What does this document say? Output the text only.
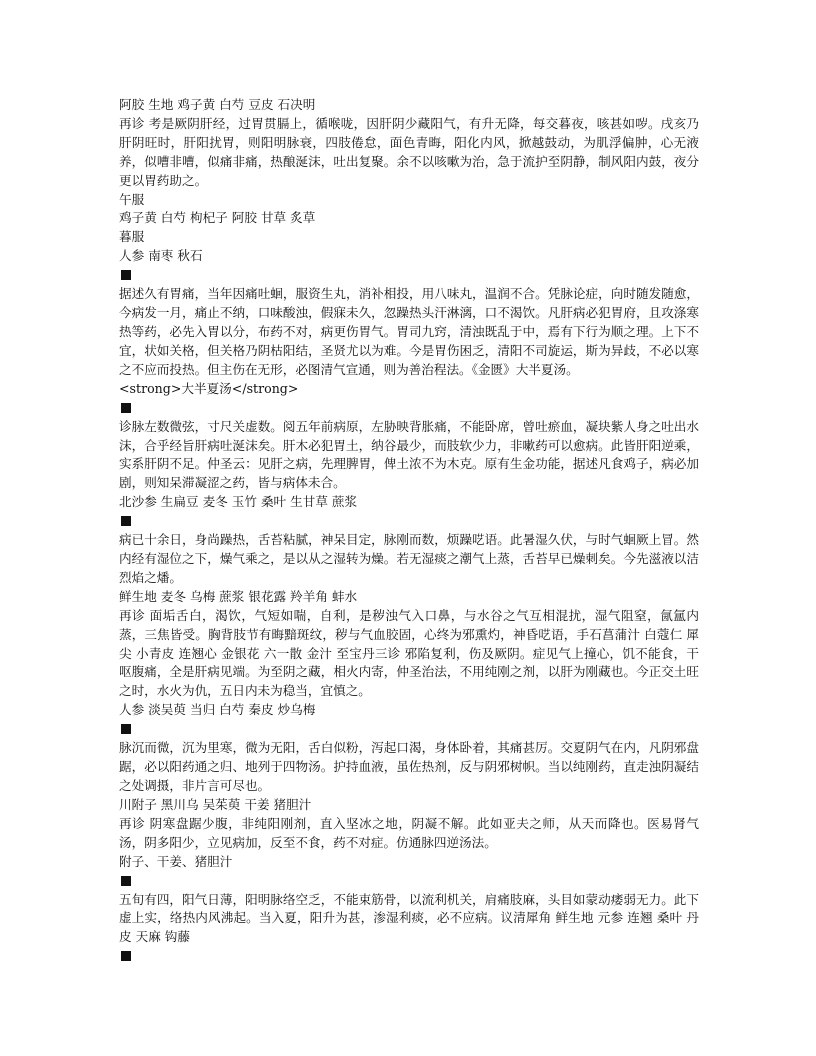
阿胶 生地 鸡子黄 白芍 豆皮 石决明

再诊 考是厥阴肝经，过胃贯膈上，循喉咙，因肝阴少藏阳气，有升无降，每交暮夜，咳甚如哕。戌亥乃肝阴旺时，肝阳扰胃，则阳明脉衰，四肢倦怠，面色青晦，阳化内风，掀越鼓动，为肌浮偏肿，心无液养，似嘈非嘈，似痛非痛，热酿涎沫，吐出复聚。余不以咳嗽为治，急于流护至阴静，制风阳内鼓，夜分更以胃药助之。

午服

鸡子黄 白芍 枸杞子 阿胶 甘草 炙草

暮服

人参 南枣 秋石

据述久有胃痛，当年因痛吐蛔，服资生丸，消补相投，用八味丸，温润不合。凭脉论症，向时随发随愈，今病发一月，痛止不纳，口味酸浊，假寐未久，忽躁热头汗淋漓，口不渴饮。凡肝病必犯胃府，且攻涤寒热等药，必先入胃以分，布药不对，病更伤胃气。胃司九窍，清浊既乱于中，焉有下行为顺之理。上下不宜，状如关格，但关格乃阴枯阳结，圣贤尤以为难。今是胃伤困乏，清阳不司旋运，斯为异歧，不必以寒之不应而投热。但主伤在无形，必图清气宣通，则为善治程法。《金匮》大半夏汤。

<strong>大半夏汤</strong>

诊脉左数微弦，寸尺关虚数。阅五年前病原，左胁映背胀痛，不能卧席，曾吐瘀血，凝块紫人身之吐出水沫，合乎经旨肝病吐涎沫矣。肝木必犯胃土，纳谷最少，而肢软少力，非嗽药可以愈病。此皆肝阳逆乘，实系肝阴不足。仲圣云：见肝之病，先理脾胃，俾土浓不为木克。原有生金功能，据述凡食鸡子，病必加剧，则知呆滞凝涩之药，皆与病体未合。

北沙参 生扁豆 麦冬 玉竹 桑叶 生甘草 蔗浆

病已十余日，身尚躁热，舌苔粘腻，神呆目定，脉刚而数，烦躁呓语。此暑湿久伏，与时气蛔厥上冒。然内经有湿位之下，燥气乘之，是以从之湿转为燥。若无湿痰之潮气上蒸，舌苔早已燥刺矣。今先滋液以洁烈焰之燔。

鲜生地 麦冬 乌梅 蔗浆 银花露 羚羊角 蚌水

再诊 面垢舌白，渴饮，气短如喘，自利，是秽浊气入口鼻，与水谷之气互相混扰，湿气阻窒，氤氲内蒸，三焦皆受。胸背肢节有晦黯斑纹，秽与气血胶固，心终为邪熏灼，神昏呓语，手石菖蒲汁 白蔻仁 犀尖 小青皮 连翘心 金银花 六一散 金汁 至宝丹三诊 邪陷复利，伤及厥阴。症见气上撞心，饥不能食，干呕腹痛，全是肝病见端。为至阴之藏，相火内寄，仲圣治法，不用纯刚之剂，以肝为刚藏也。今正交土旺之时，水火为仇，五日内未为稳当，宜慎之。

人参 淡吴萸 当归 白芍 秦皮 炒乌梅

脉沉而微，沉为里寒，微为无阳，舌白似粉，泻起口渴，身体卧着，其痛甚厉。交夏阴气在内，凡阴邪盘踞，必以阳药通之归、地列于四物汤。护持血液，虽佐热剂，反与阴邪树帜。当以纯刚药，直走浊阴凝结之处调摄，非片言可尽也。

川附子 黑川乌 吴茱萸 干姜 猪胆汁

再诊 阴寒盘踞少腹，非纯阳刚剂，直入坚冰之地，阴凝不解。此如亚夫之师，从天而降也。医易肾气汤，阴多阳少，立见病加，反至不食，药不对症。仿通脉四逆汤法。

附子、干姜、猪胆汁

五旬有四，阳气日薄，阳明脉络空乏，不能束筋骨，以流利机关，肩痛肢麻，头目如蒙动痿弱无力。此下虚上实，络热内风沸起。当入夏，阳升为甚，渗湿利痰，必不应病。议清犀角 鲜生地 元参 连翘 桑叶 丹皮 天麻 钩藤
